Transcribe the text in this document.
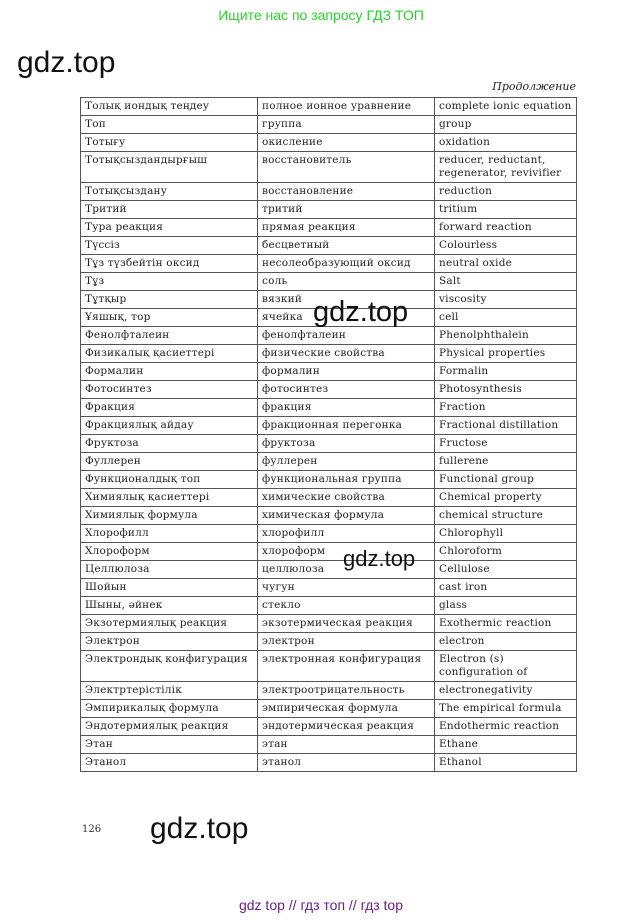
Ищите нас по запросу ГДЗ ТОП
gdz.top
Продолжение
Толық иондық теңдеу	полное ионное уравнение	complete ionic equation
Топ	группа	group
Тотығу	окисление	oxidation
Тотықсыздандырғыш	восстановитель	reducer, reductant, regenerator, revivifier
Тотықсыздану	восстановление	reduction
Тритий	тритий	tritium
Тура реакция	прямая реакция	forward reaction
Түссіз	бесцветный	Colourless
Тұз түзбейтін оксид	несолеобразующий оксид	neutral oxide
Тұз	соль	Salt
Тұтқыр	вязкий	viscosity
Ұяшық, тор	ячейка	cell
Фенолфталеин	фенолфталеин	Phenolphthalein
Физикалық қасиеттері	физические свойства	Physical properties
Формалин	формалин	Formalin
Фотосинтез	фотосинтез	Photosynthesis
Фракция	фракция	Fraction
Фракциялық айдау	фракционная перегонка	Fractional distillation
Фруктоза	фруктоза	Fructose
Фуллерен	фуллерен	fullerene
Функционалдық топ	функциональная группа	Functional group
Химиялық қасиеттері	химические свойства	Chemical property
Химиялық формула	химическая формула	chemical structure
Хлорофилл	хлорофилл	Chlorophyll
Хлороформ	хлороформ	Chloroform
Целлюлоза	целлюлоза	Cellulose
Шойын	чугун	cast iron
Шыны, әйнек	стекло	glass
Экзотермиялық реакция	экзотермическая реакция	Exothermic reaction
Электрон	электрон	electron
Электрондық конфигурация	электронная конфигурация	Electron (s) configuration of
Электртерістілік	электроотрицательность	electronegativity
Эмпирикалық формула	эмпирическая формула	The empirical formula
Эндотермиялық реакция	эндотермическая реакция	Endothermic reaction
Этан	этан	Ethane
Этанол	этанол	Ethanol
gdz.top
gdz.top
gdz.top
126
gdz top // гдз топ // гдз top
